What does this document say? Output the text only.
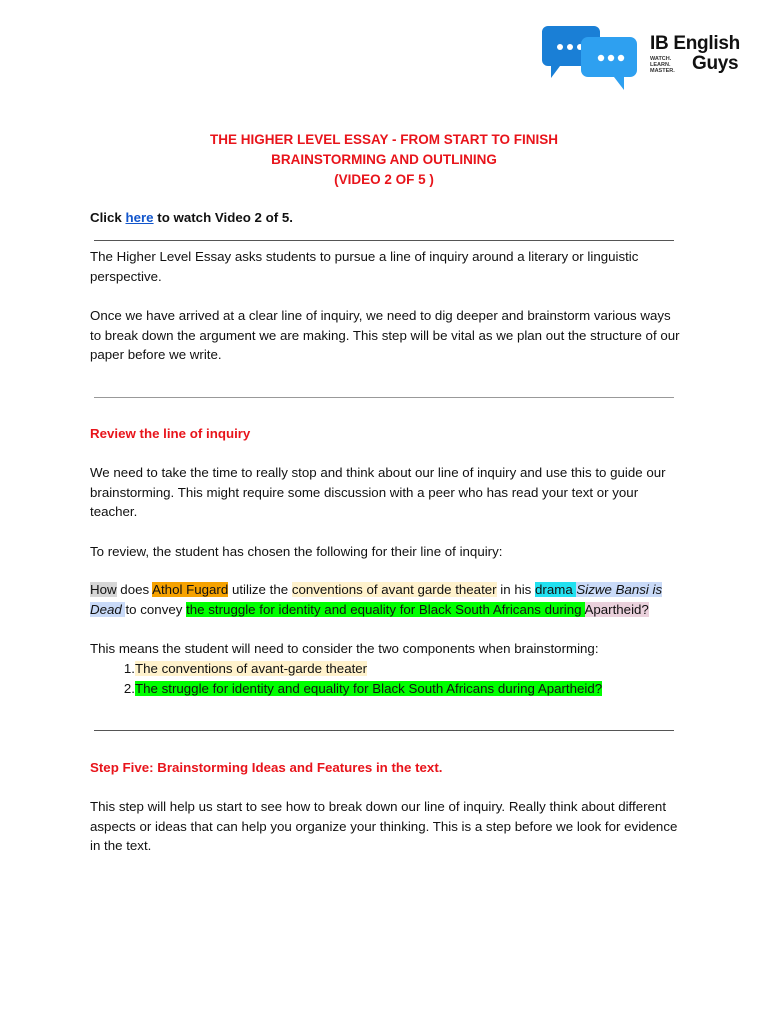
IB English
Guys
WATCH.
LEARN.
MASTER.
THE HIGHER LEVEL ESSAY - FROM START TO FINISH
BRAINSTORMING AND OUTLINING
(VIDEO 2 OF 5 )
Click here to watch Video 2 of 5.
The Higher Level Essay asks students to pursue a line of inquiry around a literary or linguistic perspective.
Once we have arrived at a clear line of inquiry, we need to dig deeper and brainstorm various ways to break down the argument we are making. This step will be vital as we plan out the structure of our paper before we write.
Review the line of inquiry
We need to take the time to really stop and think about our line of inquiry and use this to guide our brainstorming. This might require some discussion with a peer who has read your text or your teacher.
To review, the student has chosen the following for their line of inquiry:
How does Athol Fugard utilize the conventions of avant garde theater in his drama Sizwe Bansi is Dead to convey the struggle for identity and equality for Black South Africans during Apartheid?
This means the student will need to consider the two components when brainstorming:
1. The conventions of avant-garde theater
2. The struggle for identity and equality for Black South Africans during Apartheid?
Step Five: Brainstorming Ideas and Features in the text.
This step will help us start to see how to break down our line of inquiry. Really think about different aspects or ideas that can help you organize your thinking. This is a step before we look for evidence in the text.
